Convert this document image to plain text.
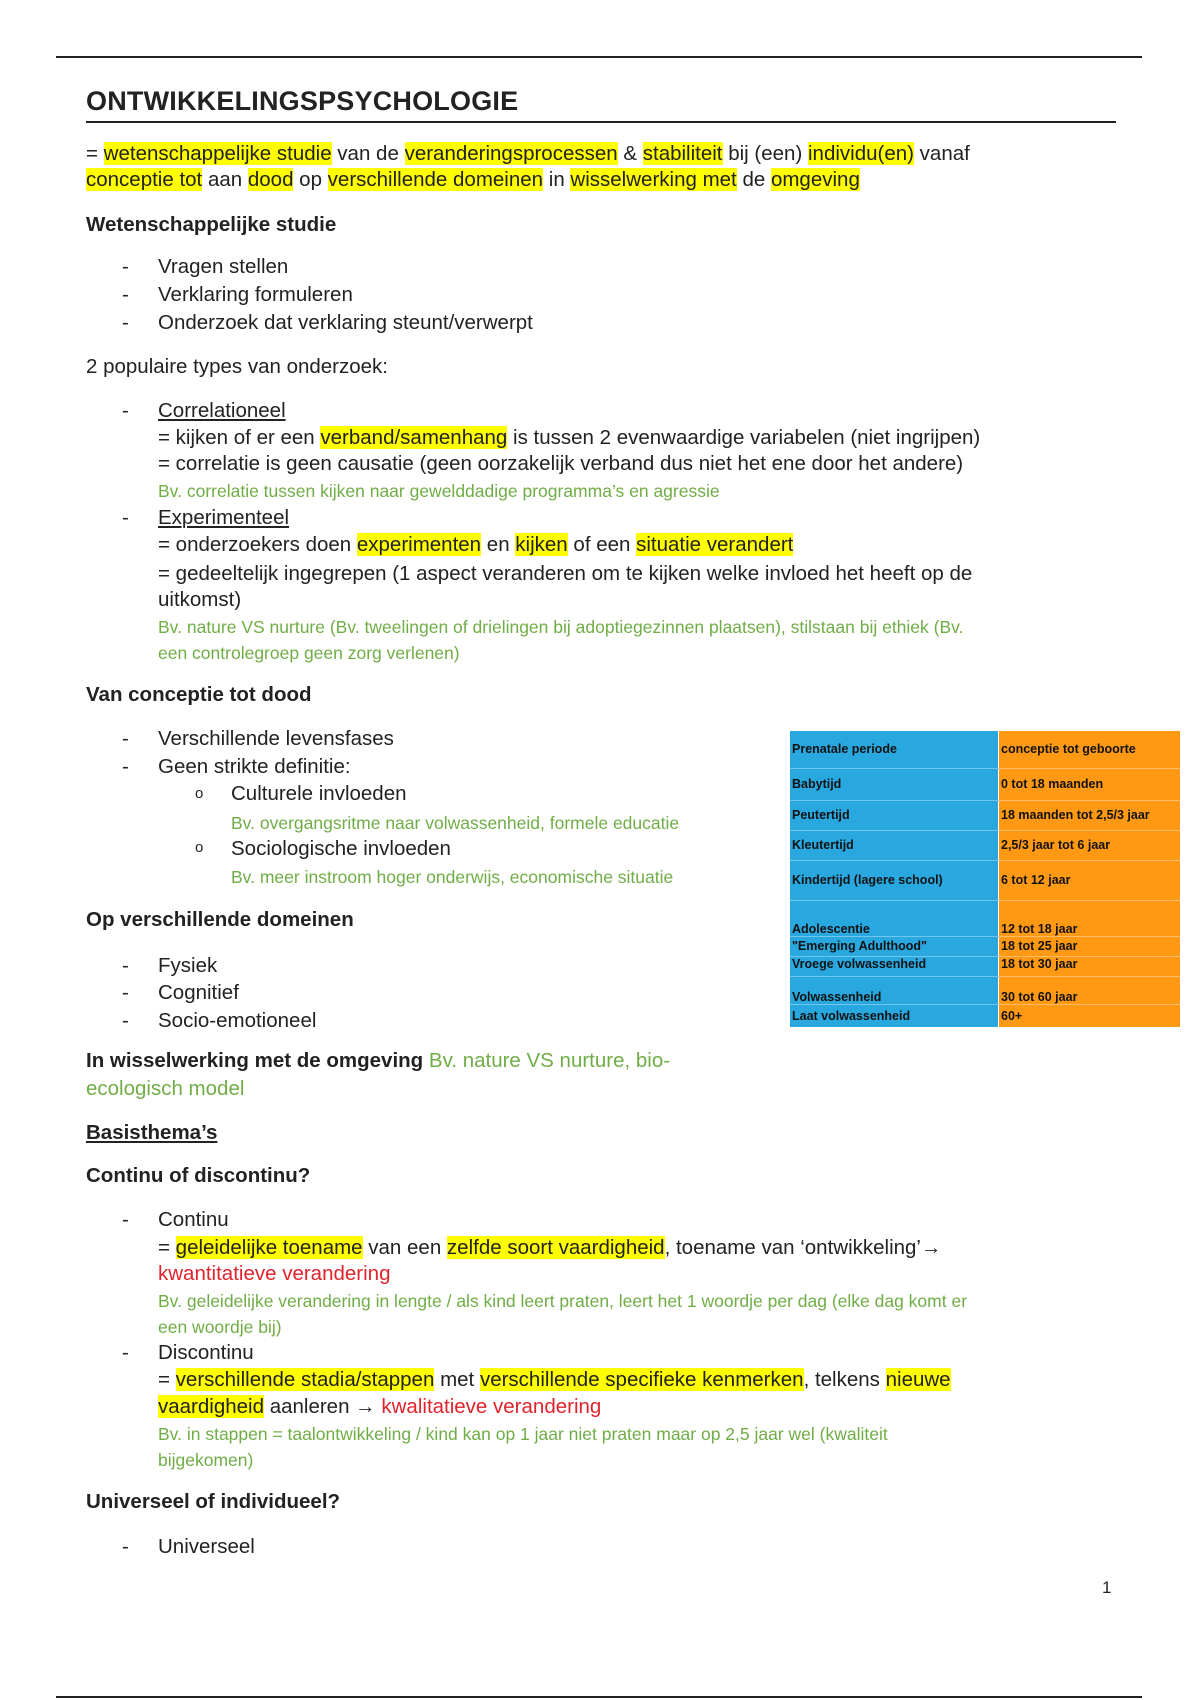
ONTWIKKELINGSPSYCHOLOGIE
= wetenschappelijke studie van de veranderingsprocessen & stabiliteit bij (een) individu(en) vanaf
conceptie tot aan dood op verschillende domeinen in wisselwerking met de omgeving
Wetenschappelijke studie
- Vragen stellen
- Verklaring formuleren
- Onderzoek dat verklaring steunt/verwerpt
2 populaire types van onderzoek:
- Correlationeel
= kijken of er een verband/samenhang is tussen 2 evenwaardige variabelen (niet ingrijpen)
= correlatie is geen causatie (geen oorzakelijk verband dus niet het ene door het andere)
Bv. correlatie tussen kijken naar gewelddadige programma’s en agressie
- Experimenteel
= onderzoekers doen experimenten en kijken of een situatie verandert
= gedeeltelijk ingegrepen (1 aspect veranderen om te kijken welke invloed het heeft op de
uitkomst)
Bv. nature VS nurture (Bv. tweelingen of drielingen bij adoptiegezinnen plaatsen), stilstaan bij ethiek (Bv.
een controlegroep geen zorg verlenen)
Van conceptie tot dood
- Verschillende levensfases
- Geen strikte definitie:
o Culturele invloeden
Bv. overgangsritme naar volwassenheid, formele educatie
o Sociologische invloeden
Bv. meer instroom hoger onderwijs, economische situatie
Prenatale periode	conceptie tot geboorte
Babytijd	0 tot 18 maanden
Peutertijd	18 maanden tot 2,5/3 jaar
Kleutertijd	2,5/3 jaar tot 6 jaar
Kindertijd (lagere school)	6 tot 12 jaar
Adolescentie	12 tot 18 jaar
"Emerging Adulthood"	18 tot 25 jaar
Vroege volwassenheid	18 tot 30 jaar
Volwassenheid	30 tot 60 jaar
Laat volwassenheid	60+
Op verschillende domeinen
- Fysiek
- Cognitief
- Socio-emotioneel
In wisselwerking met de omgeving Bv. nature VS nurture, bio-
ecologisch model
Basisthema’s
Continu of discontinu?
- Continu
= geleidelijke toename van een zelfde soort vaardigheid, toename van ‘ontwikkeling’→
kwantitatieve verandering
Bv. geleidelijke verandering in lengte / als kind leert praten, leert het 1 woordje per dag (elke dag komt er
een woordje bij)
- Discontinu
= verschillende stadia/stappen met verschillende specifieke kenmerken, telkens nieuwe
vaardigheid aanleren → kwalitatieve verandering
Bv. in stappen = taalontwikkeling / kind kan op 1 jaar niet praten maar op 2,5 jaar wel (kwaliteit
bijgekomen)
Universeel of individueel?
- Universeel
1
